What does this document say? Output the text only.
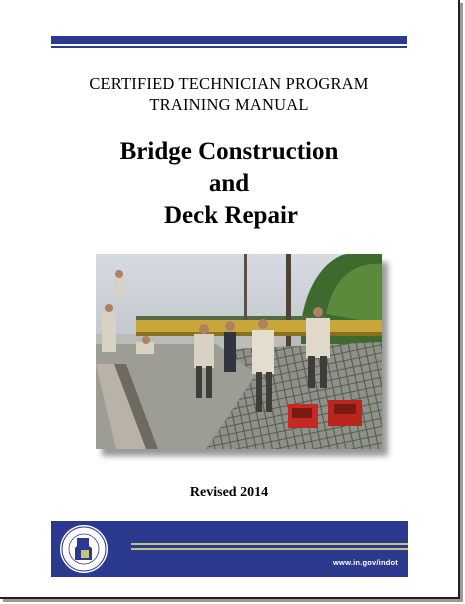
CERTIFIED TECHNICIAN PROGRAM
TRAINING MANUAL
Bridge Construction
and
Deck Repair
Revised 2014
www.in.gov/indot
